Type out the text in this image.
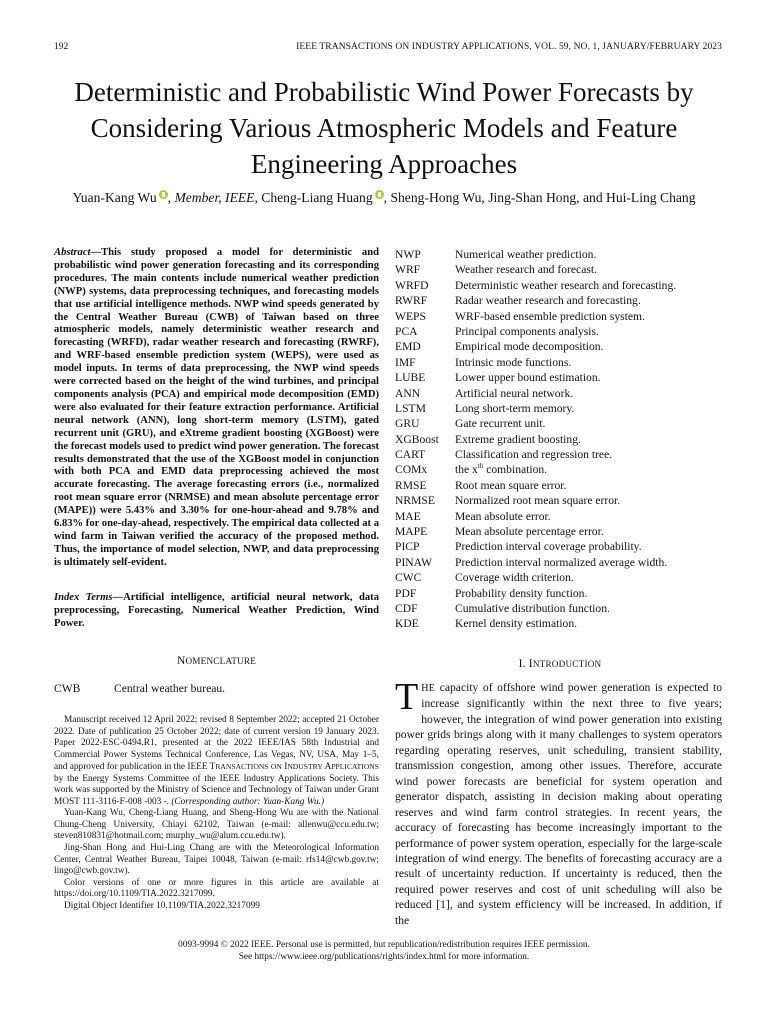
192	IEEE TRANSACTIONS ON INDUSTRY APPLICATIONS, VOL. 59, NO. 1, JANUARY/FEBRUARY 2023
Deterministic and Probabilistic Wind Power Forecasts by Considering Various Atmospheric Models and Feature Engineering Approaches
Yuan-Kang Wu , Member, IEEE, Cheng-Liang Huang , Sheng-Hong Wu, Jing-Shan Hong, and Hui-Ling Chang
Abstract—This study proposed a model for deterministic and probabilistic wind power generation forecasting and its corresponding procedures. The main contents include numerical weather prediction (NWP) systems, data preprocessing techniques, and forecasting models that use artificial intelligence methods. NWP wind speeds generated by the Central Weather Bureau (CWB) of Taiwan based on three atmospheric models, namely deterministic weather research and forecasting (WRFD), radar weather research and forecasting (RWRF), and WRF-based ensemble prediction system (WEPS), were used as model inputs. In terms of data preprocessing, the NWP wind speeds were corrected based on the height of the wind turbines, and principal components analysis (PCA) and empirical mode decomposition (EMD) were also evaluated for their feature extraction performance. Artificial neural network (ANN), long short-term memory (LSTM), gated recurrent unit (GRU), and eXtreme gradient boosting (XGBoost) were the forecast models used to predict wind power generation. The forecast results demonstrated that the use of the XGBoost model in conjunction with both PCA and EMD data preprocessing achieved the most accurate forecasting. The average forecasting errors (i.e., normalized root mean square error (NRMSE) and mean absolute percentage error (MAPE)) were 5.43% and 3.30% for one-hour-ahead and 9.78% and 6.83% for one-day-ahead, respectively. The empirical data collected at a wind farm in Taiwan verified the accuracy of the proposed method. Thus, the importance of model selection, NWP, and data preprocessing is ultimately self-evident.
Index Terms—Artificial intelligence, artificial neural network, data preprocessing, Forecasting, Numerical Weather Prediction, Wind Power.
NWP	Numerical weather prediction.
WRF	Weather research and forecast.
WRFD	Deterministic weather research and forecasting.
RWRF	Radar weather research and forecasting.
WEPS	WRF-based ensemble prediction system.
PCA	Principal components analysis.
EMD	Empirical mode decomposition.
IMF	Intrinsic mode functions.
LUBE	Lower upper bound estimation.
ANN	Artificial neural network.
LSTM	Long short-term memory.
GRU	Gate recurrent unit.
XGBoost	Extreme gradient boosting.
CART	Classification and regression tree.
COMx	the $x^{th}$ combination.
RMSE	Root mean square error.
NRMSE	Normalized root mean square error.
MAE	Mean absolute error.
MAPE	Mean absolute percentage error.
PICP	Prediction interval coverage probability.
PINAW	Prediction interval normalized average width.
CWC	Coverage width criterion.
PDF	Probability density function.
CDF	Cumulative distribution function.
KDE	Kernel density estimation.
NOMENCLATURE
CWB	Central weather bureau.

Manuscript received 12 April 2022; revised 8 September 2022; accepted 21 October 2022. Date of publication 25 October 2022; date of current version 19 January 2023. Paper 2022-ESC-0494.R1, presented at the 2022 IEEE/IAS 58th Industrial and Commercial Power Systems Technical Conference, Las Vegas, NV, USA, May 1–5, and approved for publication in the IEEE TRANSACTIONS ON INDUSTRY APPLICATIONS by the Energy Systems Committee of the IEEE Industry Applications Society. This work was supported by the Ministry of Science and Technology of Taiwan under Grant MOST 111-3116-F-008 -003 -. (Corresponding author: Yuan-Kang Wu.)

Yuan-Kang Wu, Cheng-Liang Huang, and Sheng-Hong Wu are with the National Chung-Cheng University, Chiayi 62102, Taiwan (e-mail: allenwu@ccu.edu.tw; steven810831@hotmail.com; murphy_wu@alum.ccu.edu.tw).

Jing-Shan Hong and Hui-Ling Chang are with the Meteorological Information Center, Central Weather Bureau, Taipei 10048, Taiwan (e-mail: rfs14@cwb.gov.tw; lingo@cwb.gov.tw).

Color versions of one or more figures in this article are available at https://doi.org/10.1109/TIA.2022.3217099.

Digital Object Identifier 10.1109/TIA.2022.3217099

I. INTRODUCTION
THE capacity of offshore wind power generation is expected to increase significantly within the next three to five years; however, the integration of wind power generation into existing power grids brings along with it many challenges to system operators regarding operating reserves, unit scheduling, transient stability, transmission congestion, among other issues. Therefore, accurate wind power forecasts are beneficial for system operation and generator dispatch, assisting in decision making about operating reserves and wind farm control strategies. In recent years, the accuracy of forecasting has become increasingly important to the performance of power system operation, especially for the large-scale integration of wind energy. The benefits of forecasting accuracy are a result of uncertainty reduction. If uncertainty is reduced, then the required power reserves and cost of unit scheduling will also be reduced [1], and system efficiency will be increased. In addition, if the
0093-9994 © 2022 IEEE. Personal use is permitted, but republication/redistribution requires IEEE permission.
See https://www.ieee.org/publications/rights/index.html for more information.
